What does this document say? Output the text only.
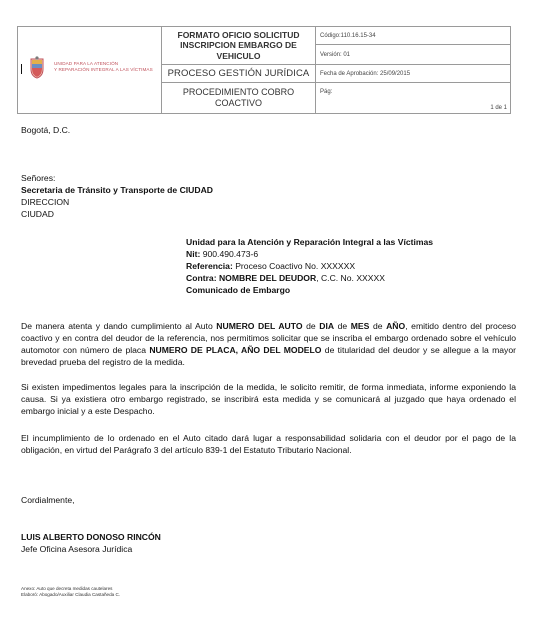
UNIDAD PARA LA ATENCIÓN
Y REPARACIÓN INTEGRAL A LAS VÍCTIMAS
FORMATO OFICIO SOLICITUD INSCRIPCION EMBARGO DE VEHICULO
PROCESO GESTIÓN JURÍDICA
PROCEDIMIENTO COBRO COACTIVO
Código:110.16.15-34
Versión: 01
Fecha de Aprobación: 25/09/2015
Pág:
1 de 1
Bogotá, D.C.
Señores:
Secretaria de Tránsito y Transporte de CIUDAD
DIRECCION
CIUDAD
Unidad para la Atención y Reparación Integral a las Víctimas
Nit: 900.490.473-6
Referencia: Proceso Coactivo No. XXXXXX
Contra: NOMBRE DEL DEUDOR, C.C. No. XXXXX
Comunicado de Embargo
De manera atenta y dando cumplimiento al Auto NUMERO DEL AUTO de DIA de MES de AÑO, emitido dentro del proceso coactivo y en contra del deudor de la referencia, nos permitimos solicitar que se inscriba el embargo ordenado sobre el vehículo automotor con número de placa NUMERO DE PLACA, AÑO DEL MODELO de titularidad del deudor y se allegue a la mayor brevedad prueba del registro de la medida.
Si existen impedimentos legales para la inscripción de la medida, le solicito remitir, de forma inmediata, informe exponiendo la causa. Si ya existiera otro embargo registrado, se inscribirá esta medida y se comunicará al juzgado que haya ordenado el embargo inicial y a este Despacho.
El incumplimiento de lo ordenado en el Auto citado dará lugar a responsabilidad solidaria con el deudor por el pago de la obligación, en virtud del Parágrafo 3 del artículo 839-1 del Estatuto Tributario Nacional.
Cordialmente,
LUIS ALBERTO DONOSO RINCÓN
Jefe Oficina Asesora Jurídica
Anexo: Auto que decreta medidas cautelares
Elaboró: Abogado/Auxiliar Claudia Castañeda C.
